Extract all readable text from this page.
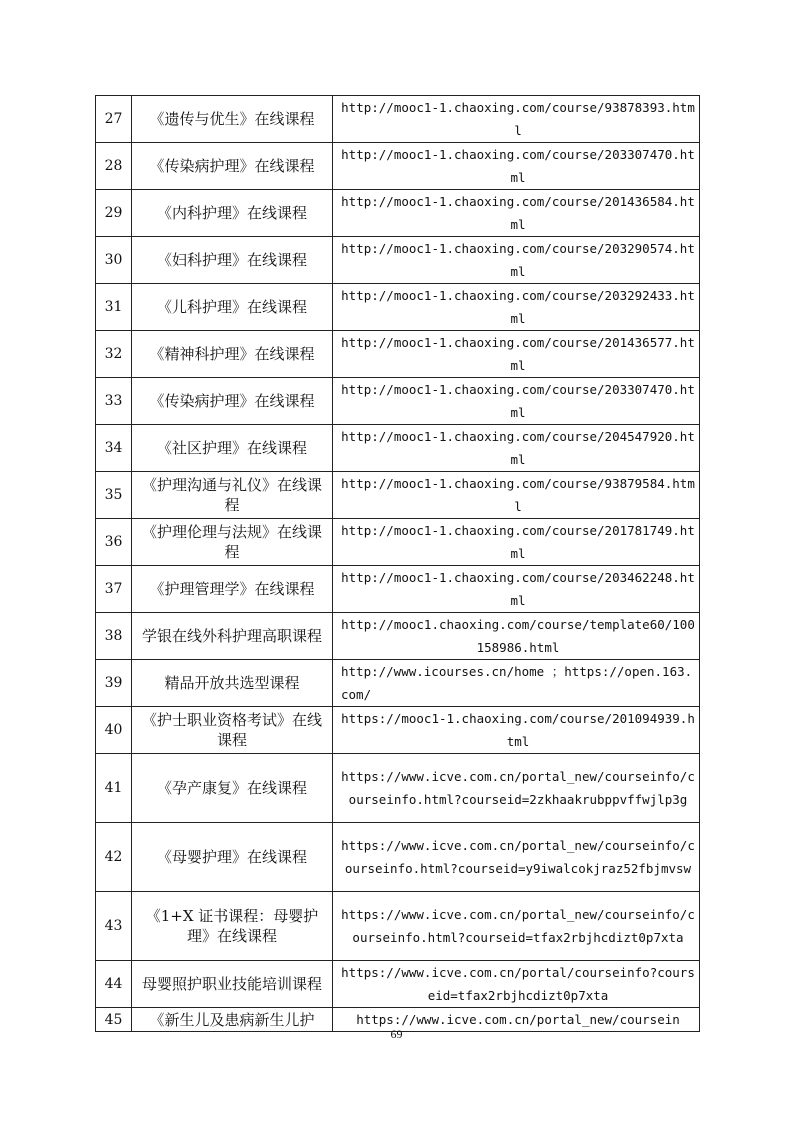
27	《遗传与优生》在线课程	http://mooc1-1.chaoxing.com/course/93878393.html
28	《传染病护理》在线课程	http://mooc1-1.chaoxing.com/course/203307470.html
29	《内科护理》在线课程	http://mooc1-1.chaoxing.com/course/201436584.html
30	《妇科护理》在线课程	http://mooc1-1.chaoxing.com/course/203290574.html
31	《儿科护理》在线课程	http://mooc1-1.chaoxing.com/course/203292433.html
32	《精神科护理》在线课程	http://mooc1-1.chaoxing.com/course/201436577.html
33	《传染病护理》在线课程	http://mooc1-1.chaoxing.com/course/203307470.html
34	《社区护理》在线课程	http://mooc1-1.chaoxing.com/course/204547920.html
35	《护理沟通与礼仪》在线课程	http://mooc1-1.chaoxing.com/course/93879584.html
36	《护理伦理与法规》在线课程	http://mooc1-1.chaoxing.com/course/201781749.html
37	《护理管理学》在线课程	http://mooc1-1.chaoxing.com/course/203462248.html
38	学银在线外科护理高职课程	http://mooc1.chaoxing.com/course/template60/100158986.html
39	精品开放共选型课程	http://www.icourses.cn/home ；https://open.163.com/
40	《护士职业资格考试》在线课程	https://mooc1-1.chaoxing.com/course/201094939.html
41	《孕产康复》在线课程	https://www.icve.com.cn/portal_new/courseinfo/courseinfo.html?courseid=2zkhaakrubppvffwjlp3g
42	《母婴护理》在线课程	https://www.icve.com.cn/portal_new/courseinfo/courseinfo.html?courseid=y9iwalcokjraz52fbjmvsw
43	《1+X 证书课程：母婴护理》在线课程	https://www.icve.com.cn/portal_new/courseinfo/courseinfo.html?courseid=tfax2rbjhcdizt0p7xta
44	母婴照护职业技能培训课程	https://www.icve.com.cn/portal/courseinfo?courseid=tfax2rbjhcdizt0p7xta
45	《新生儿及患病新生儿护	https://www.icve.com.cn/portal_new/coursein
69
